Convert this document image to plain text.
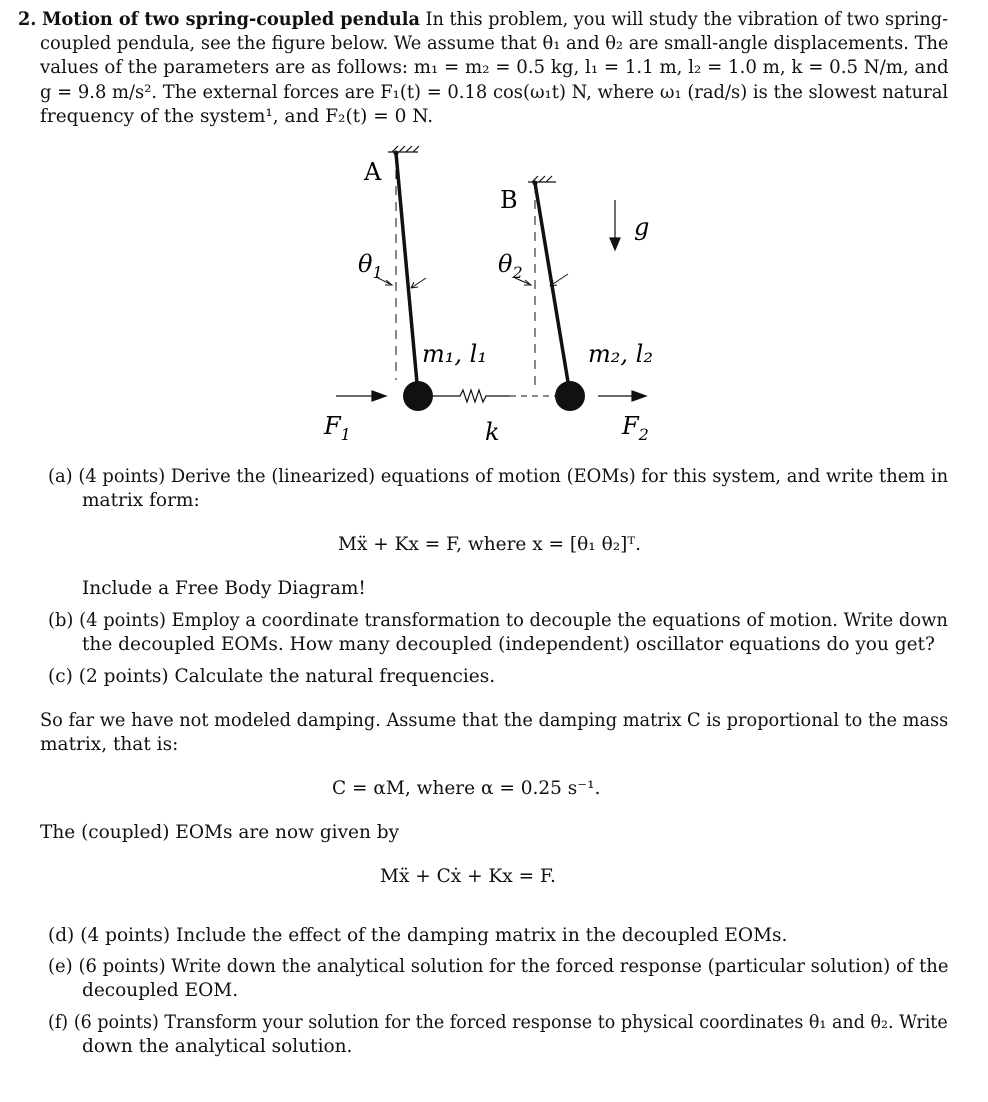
2. Motion of two spring-coupled pendula In this problem, you will study the vibration of two spring-
coupled pendula, see the figure below. We assume that θ₁ and θ₂ are small-angle displacements. The
values of the parameters are as follows: m₁ = m₂ = 0.5 kg, l₁ = 1.1 m, l₂ = 1.0 m, k = 0.5 N/m, and
g = 9.8 m/s². The external forces are F₁(t) = 0.18 cos(ω₁t) N, where ω₁ (rad/s) is the slowest natural
frequency of the system¹, and F₂(t) = 0 N.
A
B
g
$\theta_1$	$\theta_2$
m₁, l₁	m₂, l₂
$F_1$	k	$F_2$
(a) (4 points) Derive the (linearized) equations of motion (EOMs) for this system, and write them in
matrix form:
Mẍ + Kx = F, where x = [θ₁ θ₂]ᵀ.
Include a Free Body Diagram!
(b) (4 points) Employ a coordinate transformation to decouple the equations of motion. Write down
the decoupled EOMs. How many decoupled (independent) oscillator equations do you get?
(c) (2 points) Calculate the natural frequencies.
So far we have not modeled damping. Assume that the damping matrix C is proportional to the mass
matrix, that is:
C = αM, where α = 0.25 s⁻¹.
The (coupled) EOMs are now given by
Mẍ + Cẋ + Kx = F.
(d) (4 points) Include the effect of the damping matrix in the decoupled EOMs.
(e) (6 points) Write down the analytical solution for the forced response (particular solution) of the
decoupled EOM.
(f) (6 points) Transform your solution for the forced response to physical coordinates θ₁ and θ₂. Write
down the analytical solution.
